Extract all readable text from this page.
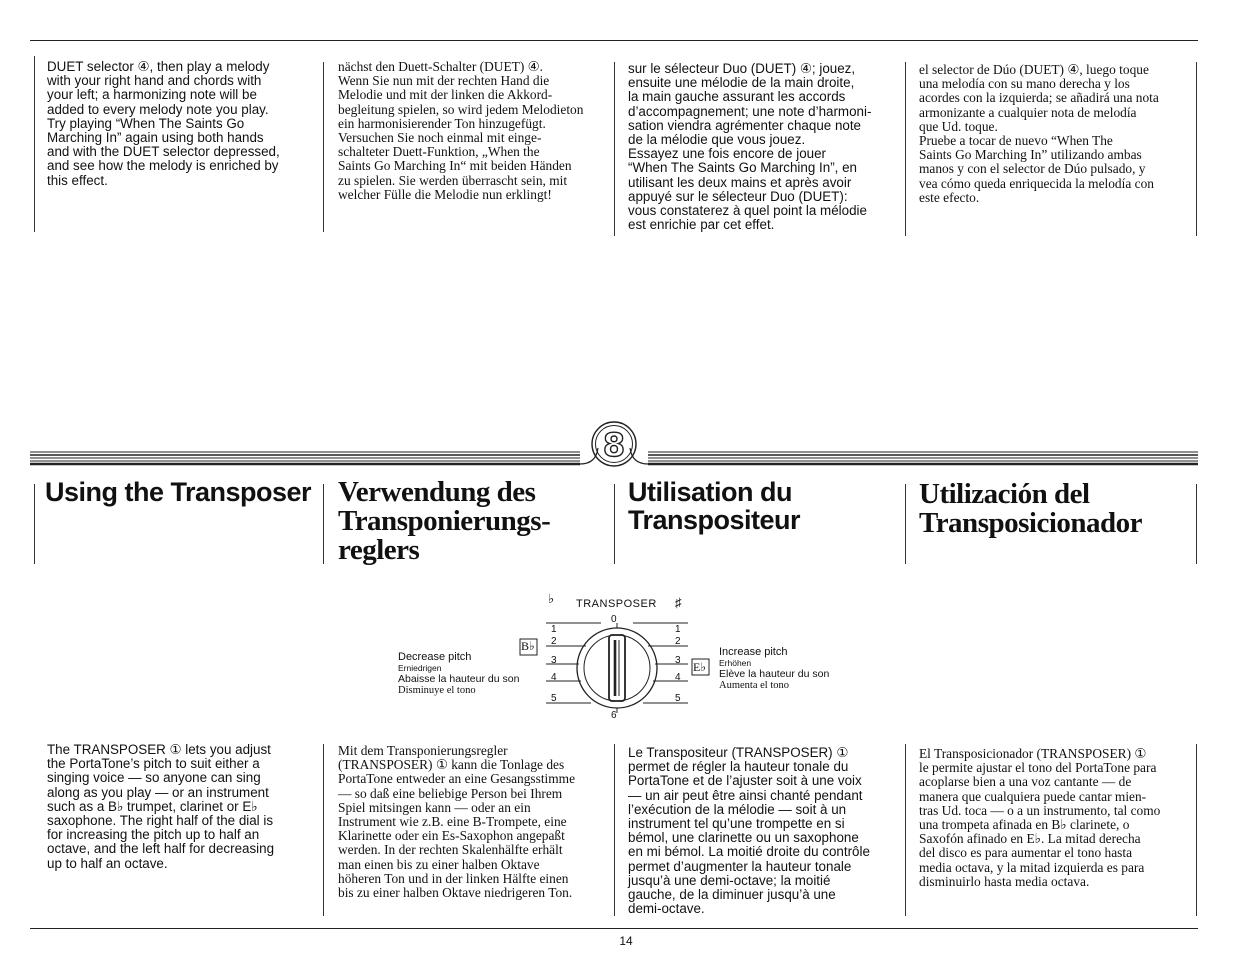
DUET selector ④, then play a melody
with your right hand and chords with
your left; a harmonizing note will be
added to every melody note you play.
Try playing “When The Saints Go
Marching In” again using both hands
and with the DUET selector depressed,
and see how the melody is enriched by
this effect.
nächst den Duett-Schalter (DUET) ④.
Wenn Sie nun mit der rechten Hand die
Melodie und mit der linken die Akkord-
begleitung spielen, so wird jedem Melodieton
ein harmonisierender Ton hinzugefügt.
Versuchen Sie noch einmal mit einge-
schalteter Duett-Funktion, „When the
Saints Go Marching In“ mit beiden Händen
zu spielen. Sie werden überrascht sein, mit
welcher Fülle die Melodie nun erklingt!
sur le sélecteur Duo (DUET) ④; jouez,
ensuite une mélodie de la main droite,
la main gauche assurant les accords
d’accompagnement; une note d’harmoni-
sation viendra agrémenter chaque note
de la mélodie que vous jouez.
Essayez une fois encore de jouer
“When The Saints Go Marching In”, en
utilisant les deux mains et après avoir
appuyé sur le sélecteur Duo (DUET):
vous constaterez à quel point la mélodie
est enrichie par cet effet.
el selector de Dúo (DUET) ④, luego toque
una melodía con su mano derecha y los
acordes con la izquierda; se añadirá una nota
armonizante a cualquier nota de melodía
que Ud. toque.
Pruebe a tocar de nuevo “When The
Saints Go Marching In” utilizando ambas
manos y con el selector de Dúo pulsado, y
vea cómo queda enriquecida la melodía con
este efecto.
8
Using the Transposer Verwendung des
Transponierungs-
reglers
Utilisation du
Transpositeur
Utilización del
Transposicionador
♭ TRANSPOSER ♯
0
6
1
2
3
4
5
1
2
3
4
5
B♭
E♭
Decrease pitch
Erniedrigen
Abaisse la hauteur du son
Disminuye el tono
Increase pitch
Erhöhen
Elève la hauteur du son
Aumenta el tono
The TRANSPOSER ① lets you adjust
the PortaTone’s pitch to suit either a
singing voice — so anyone can sing
along as you play — or an instrument
such as a B♭ trumpet, clarinet or E♭
saxophone. The right half of the dial is
for increasing the pitch up to half an
octave, and the left half for decreasing
up to half an octave.
Mit dem Transponierungsregler
(TRANSPOSER) ① kann die Tonlage des
PortaTone entweder an eine Gesangsstimme
— so daß eine beliebige Person bei Ihrem
Spiel mitsingen kann — oder an ein
Instrument wie z.B. eine B-Trompete, eine
Klarinette oder ein Es-Saxophon angepaßt
werden. In der rechten Skalenhälfte erhält
man einen bis zu einer halben Oktave
höheren Ton und in der linken Hälfte einen
bis zu einer halben Oktave niedrigeren Ton.
Le Transpositeur (TRANSPOSER) ①
permet de régler la hauteur tonale du
PortaTone et de l’ajuster soit à une voix
— un air peut être ainsi chanté pendant
l’exécution de la mélodie — soit à un
instrument tel qu’une trompette en si
bémol, une clarinette ou un saxophone
en mi bémol. La moitié droite du contrôle
permet d’augmenter la hauteur tonale
jusqu’à une demi-octave; la moitié
gauche, de la diminuer jusqu’à une
demi-octave.
El Transposicionador (TRANSPOSER) ①
le permite ajustar el tono del PortaTone para
acoplarse bien a una voz cantante — de
manera que cualquiera puede cantar mien-
tras Ud. toca — o a un instrumento, tal como
una trompeta afinada en B♭ clarinete, o
Saxofón afinado en E♭. La mitad derecha
del disco es para aumentar el tono hasta
media octava, y la mitad izquierda es para
disminuirlo hasta media octava.
14
